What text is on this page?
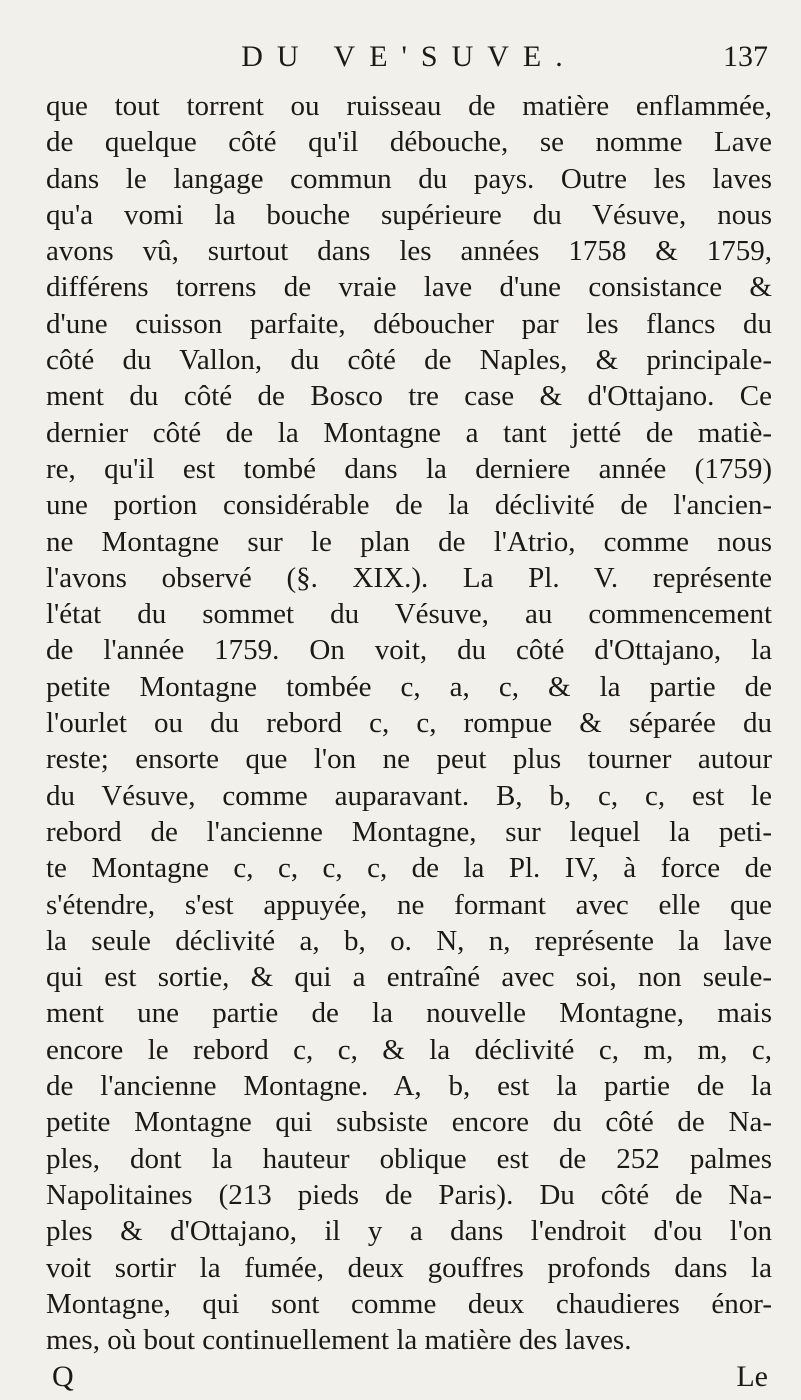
DU VE'SUVE.	137
que tout torrent ou ruisseau de matière enflammée,
de quelque côté qu'il débouche, se nomme Lave
dans le langage commun du pays. Outre les laves
qu'a vomi la bouche supérieure du Vésuve, nous
avons vû, surtout dans les années 1758 & 1759,
différens torrens de vraie lave d'une consistance &
d'une cuisson parfaite, déboucher par les flancs du
côté du Vallon, du côté de Naples, & principale-
ment du côté de Bosco tre case & d'Ottajano. Ce
dernier côté de la Montagne a tant jetté de matiè-
re, qu'il est tombé dans la derniere année (1759)
une portion considérable de la déclivité de l'ancien-
ne Montagne sur le plan de l'Atrio, comme nous
l'avons observé (§. XIX.). La Pl. V. représente
l'état du sommet du Vésuve, au commencement
de l'année 1759. On voit, du côté d'Ottajano, la
petite Montagne tombée c, a, c, & la partie de
l'ourlet ou du rebord c, c, rompue & séparée du
reste; ensorte que l'on ne peut plus tourner autour
du Vésuve, comme auparavant. B, b, c, c, est le
rebord de l'ancienne Montagne, sur lequel la peti-
te Montagne c, c, c, c, de la Pl. IV, à force de
s'étendre, s'est appuyée, ne formant avec elle que
la seule déclivité a, b, o. N, n, représente la lave
qui est sortie, & qui a entraîné avec soi, non seule-
ment une partie de la nouvelle Montagne, mais
encore le rebord c, c, & la déclivité c, m, m, c,
de l'ancienne Montagne. A, b, est la partie de la
petite Montagne qui subsiste encore du côté de Na-
ples, dont la hauteur oblique est de 252 palmes
Napolitaines (213 pieds de Paris). Du côté de Na-
ples & d'Ottajano, il y a dans l'endroit d'ou l'on
voit sortir la fumée, deux gouffres profonds dans la
Montagne, qui sont comme deux chaudieres énor-
mes, où bout continuellement la matière des laves.
Q	Le
